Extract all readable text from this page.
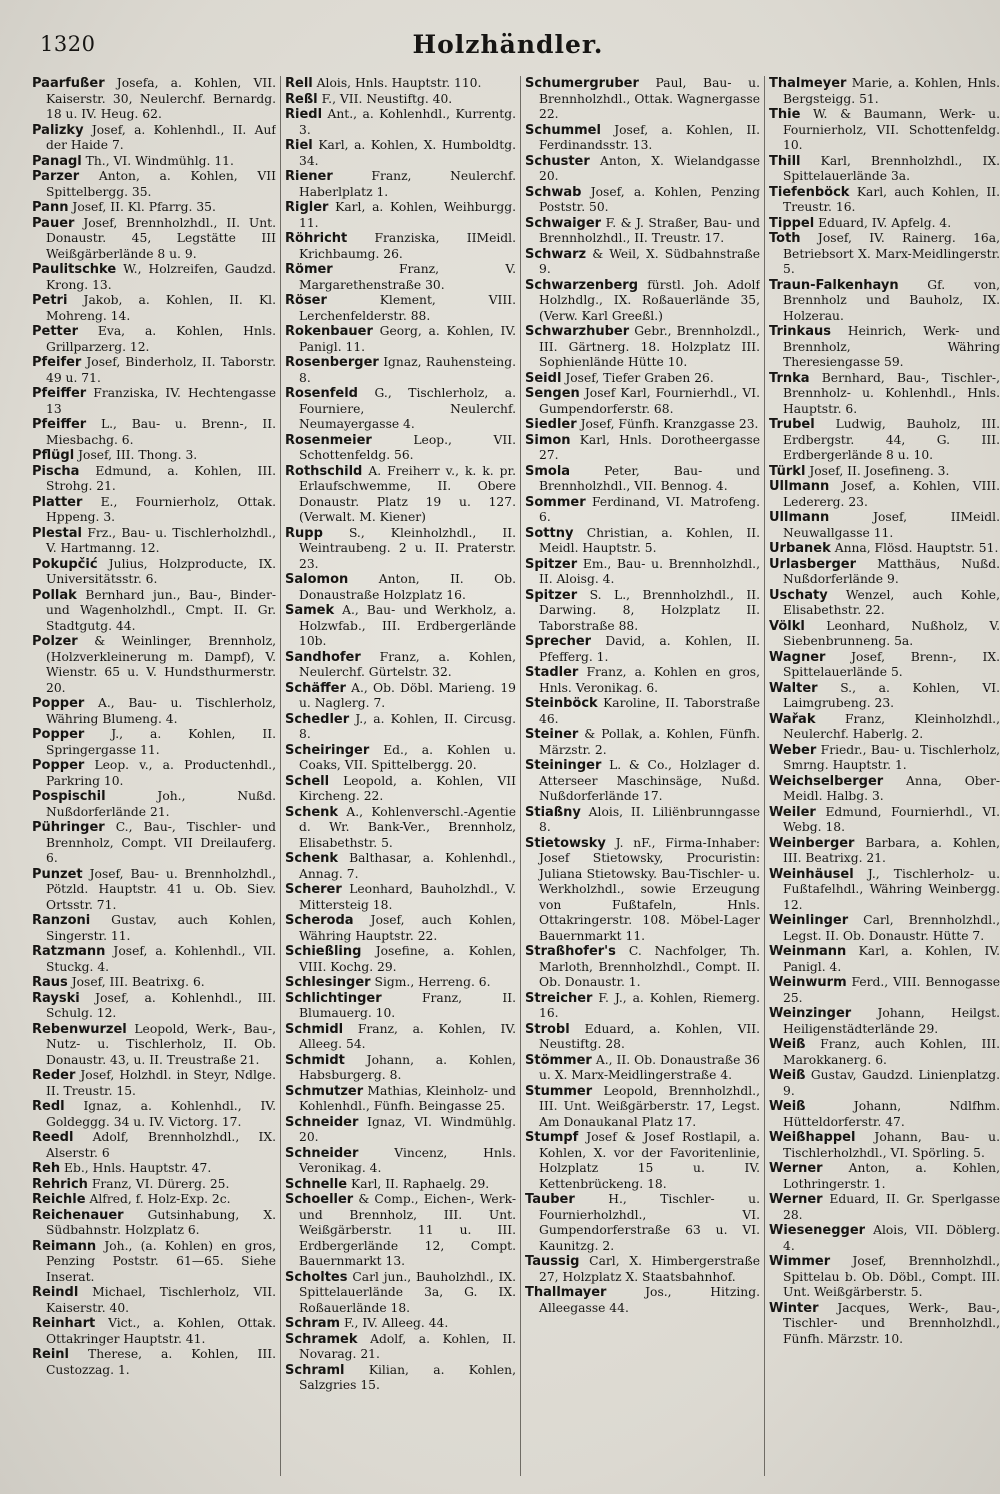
1320	Holzhändler.

Paarfußer Josefa, a. Kohlen, VII. Kaiserstr. 30, Neulerchf. Bernardg. 18 u. IV. Heug. 62.

Palizky Josef, a. Kohlenhdl., II. Auf der Haide 7.

Panagl Th., VI. Windmühlg. 11.

Parzer Anton, a. Kohlen, VII Spittelbergg. 35.

Pann Josef, II. Kl. Pfarrg. 35.

Pauer Josef, Brennholzhdl., II. Unt. Donaustr. 45, Legstätte III Weißgärberlände 8 u. 9.

Paulitschke W., Holzreifen, Gaudzd. Krong. 13.

Petri Jakob, a. Kohlen, II. Kl. Mohreng. 14.

Petter Eva, a. Kohlen, Hnls. Grillparzerg. 12.

Pfeifer Josef, Binderholz, II. Taborstr. 49 u. 71.

Pfeiffer Franziska, IV. Hechtengasse 13

Pfeiffer L., Bau- u. Brenn-, II. Miesbachg. 6.

Pflügl Josef, III. Thong. 3.

Pischa Edmund, a. Kohlen, III. Strohg. 21.

Platter E., Fournierholz, Ottak. Hppeng. 3.

Plestal Frz., Bau- u. Tischlerholzhdl., V. Hartmanng. 12.

Pokupčić Julius, Holzproducte, IX. Universitätsstr. 6.

Pollak Bernhard jun., Bau-, Binder- und Wagenholzhdl., Cmpt. II. Gr. Stadtgutg. 44.

Polzer & Weinlinger, Brennholz, (Holzverkleinerung m. Dampf), V. Wienstr. 65 u. V. Hundsthurmerstr. 20.

Popper A., Bau- u. Tischlerholz, Währing Blumeng. 4.

Popper J., a. Kohlen, II. Springergasse 11.

Popper Leop. v., a. Productenhdl., Parkring 10.

Pospischil	Joh., Nußd. Nußdorferlände 21.

Pühringer C., Bau-, Tischler- und Brennholz, Compt. VII Dreilauferg. 6.

Punzet Josef, Bau- u. Brennholzhdl., Pötzld. Hauptstr. 41 u. Ob. Siev. Ortsstr. 71.

Ranzoni Gustav, auch Kohlen, Singerstr. 11.

Ratzmann Josef, a. Kohlenhdl., VII. Stuckg. 4.

Raus Josef, III. Beatrixg. 6.

Rayski Josef, a. Kohlenhdl., III. Schulg. 12.

Rebenwurzel Leopold, Werk-, Bau-, Nutz- u. Tischlerholz, II. Ob. Donaustr. 43, u. II. Treustraße 21.

Reder Josef, Holzhdl. in Steyr, Ndlge. II. Treustr. 15.

Redl Ignaz, a. Kohlenhdl., IV. Goldeggg. 34 u. IV. Victorg. 17.

Reedl Adolf, Brennholzhdl., IX. Alserstr. 6

Reh Eb., Hnls. Hauptstr. 47.

Rehrich Franz, VI. Dürerg. 25.

Reichle Alfred, f. Holz-Exp. 2c.

Reichenauer Gutsinhabung, X. Südbahnstr. Holzplatz 6.

Reimann Joh., (a. Kohlen) en gros, Penzing Poststr. 61—65. Siehe Inserat.

Reindl Michael, Tischlerholz, VII. Kaiserstr. 40.

Reinhart Vict., a. Kohlen, Ottak. Ottakringer Hauptstr. 41.

Reinl Therese, a. Kohlen, III. Custozzag. 1.

Rell Alois, Hnls. Hauptstr. 110.

Reßl F., VII. Neustiftg. 40.

Riedl Ant., a. Kohlenhdl., Kurrentg. 3.

Riel Karl, a. Kohlen, X. Humboldtg. 34.

Riener	Franz, Neulerchf. Haberlplatz 1.

Rigler Karl, a. Kohlen, Weihburgg. 11.

Röhricht Franziska, IIMeidl. Krichbaumg. 26.

Römer	Franz, V. Margarethenstraße 30.

Röser	Klement, VIII. Lerchenfelderstr. 88.

Rokenbauer Georg, a. Kohlen, IV. Panigl. 11.

Rosenberger Ignaz, Rauhensteing. 8.

Rosenfeld G., Tischlerholz, a. Fourniere, Neulerchf. Neumayergasse 4.

Rosenmeier	Leop., VII. Schottenfeldg. 56.

Rothschild A. Freiherr v., k. k. pr. Erlaufschwemme, II. Obere Donaustr. Platz 19 u. 127. (Verwalt. M. Kiener)

Rupp S., Kleinholzhdl., II. Weintraubeng. 2 u. II. Praterstr. 23.

Salomon Anton, II. Ob. Donaustraße Holzplatz 16.

Samek A., Bau- und Werkholz, a. Holzwfab., III. Erdbergerlände 10b.

Sandhofer Franz, a. Kohlen, Neulerchf. Gürtelstr. 32.

Schäffer A., Ob. Döbl. Marieng. 19 u. Naglerg. 7.

Schedler J., a. Kohlen, II. Circusg. 8.

Scheiringer Ed., a. Kohlen u. Coaks, VII. Spittelbergg. 20.

Schell Leopold, a. Kohlen, VII Kircheng. 22.

Schenk A., Kohlenverschl.-Agentie d. Wr. Bank-Ver., Brennholz, Elisabethstr. 5.

Schenk Balthasar, a. Kohlenhdl., Annag. 7.

Scherer Leonhard, Bauholzhdl., V. Mittersteig 18.

Scheroda Josef, auch Kohlen, Währing Hauptstr. 22.

Schießling Josefine, a. Kohlen, VIII. Kochg. 29.

Schlesinger Sigm., Herreng. 6.

Schlichtinger	Franz, II. Blumauerg. 10.

Schmidl Franz, a. Kohlen, IV. Alleeg. 54.

Schmidt Johann, a. Kohlen, Habsburgerg. 8.

Schmutzer Mathias, Kleinholz- und Kohlenhdl., Fünfh. Beingasse 25.

Schneider Ignaz, VI. Windmühlg. 20.

Schneider	Vincenz, Hnls. Veronikag. 4.

Schnelle Karl, II. Raphaelg. 29.

Schoeller & Comp., Eichen-, Werk- und Brennholz, III. Unt. Weißgärberstr. 11 u. III. Erdbergerlände 12, Compt. Bauernmarkt 13.

Scholtes Carl jun., Bauholzhdl., IX. Spittelauerlände 3a, G. IX. Roßauerlände 18.

Schram F., IV. Alleeg. 44.

Schramek Adolf, a. Kohlen, II. Novarag. 21.

Schraml Kilian, a. Kohlen, Salzgries 15.

Schumergruber Paul, Bau- u. Brennholzhdl., Ottak. Wagnergasse 22.

Schummel Josef, a. Kohlen, II. Ferdinandsstr. 13.

Schuster Anton, X. Wielandgasse 20.

Schwab Josef, a. Kohlen, Penzing Poststr. 50.

Schwaiger F. & J. Straßer, Bau- und Brennholzhdl., II. Treustr. 17.

Schwarz & Weil, X. Südbahnstraße 9.

Schwarzenberg fürstl. Joh. Adolf Holzhdlg., IX. Roßauerlände 35, (Verw. Karl Greeßl.)

Schwarzhuber Gebr., Brennholzdl., III. Gärtnerg. 18. Holzplatz III. Sophienlände Hütte 10.

Seidl Josef, Tiefer Graben 26.

Sengen Josef Karl, Fournierhdl., VI. Gumpendorferstr. 68.

Siedler Josef, Fünfh. Kranzgasse 23.

Simon Karl, Hnls. Dorotheergasse 27.

Smola	Peter, Bau- und Brennholzhdl., VII. Bennog. 4.

Sommer Ferdinand, VI. Matrofeng. 6.

Sottny Christian, a. Kohlen, II. Meidl. Hauptstr. 5.

Spitzer Em., Bau- u. Brennholzhdl., II. Aloisg. 4.

Spitzer S. L., Brennholzhdl., II. Darwing. 8, Holzplatz II. Taborstraße 88.

Sprecher David, a. Kohlen, II. Pfefferg. 1.

Stadler Franz, a. Kohlen en gros, Hnls. Veronikag. 6.

Steinböck Karoline, II. Taborstraße 46.

Steiner & Pollak, a. Kohlen, Fünfh. Märzstr. 2.

Steininger L. & Co., Holzlager d. Atterseer Maschinsäge, Nußd. Nußdorferlände 17.

Stiaßny Alois, II. Liliënbrunngasse 8.

Stietowsky J. nF., Firma-Inhaber: Josef Stietowsky, Procuristin: Juliana Stietowsky. Bau-Tischler- u. Werkholzhdl., sowie Erzeugung von Fußtafeln, Hnls. Ottakringerstr. 108. Möbel-Lager Bauernmarkt 11.

Straßhofer's C. Nachfolger, Th. Marloth, Brennholzhdl., Compt. II. Ob. Donaustr. 1.

Streicher F. J., a. Kohlen, Riemerg. 16.

Strobl Eduard, a. Kohlen, VII. Neustiftg. 28.

Stömmer A., II. Ob. Donaustraße 36 u. X. Marx-Meidlingerstraße 4.

Stummer Leopold, Brennholzhdl., III. Unt. Weißgärberstr. 17, Legst. Am Donaukanal Platz 17.

Stumpf Josef & Josef Rostlapil, a. Kohlen, X. vor der Favoritenlinie, Holzplatz 15 u. IV. Kettenbrückeng. 18.

Tauber	H., Tischler- u. Fournierholzhdl., VI. Gumpendorferstraße 63 u. VI. Kaunitzg. 2.

Taussig Carl, X. Himbergerstraße 27, Holzplatz X. Staatsbahnhof.

Thallmayer	Jos., Hitzing. Alleegasse 44.

Thalmeyer Marie, a. Kohlen, Hnls. Bergsteigg. 51.

Thie W. & Baumann, Werk- u. Fournierholz, VII. Schottenfeldg. 10.

Thill Karl, Brennholzhdl., IX. Spittelauerlände 3a.

Tiefenböck Karl, auch Kohlen, II. Treustr. 16.

Tippel Eduard, IV. Apfelg. 4.

Toth Josef, IV. Rainerg. 16a, Betriebsort X. Marx-Meidlingerstr. 5.

Traun-Falkenhayn Gf. von, Brennholz und Bauholz, IX. Holzerau.

Trinkaus Heinrich, Werk- und Brennholz, Währing Theresiengasse 59.

Trnka Bernhard, Bau-, Tischler-, Brennholz- u. Kohlenhdl., Hnls. Hauptstr. 6.

Trubel Ludwig, Bauholz, III. Erdbergstr. 44, G. III. Erdbergerlände 8 u. 10.

Türkl Josef, II. Josefineng. 3.

Ullmann Josef, a. Kohlen, VIII. Ledererg. 23.

Ullmann	Josef, IIMeidl. Neuwallgasse 11.

Urbanek Anna, Flösd. Hauptstr. 51.

Urlasberger Matthäus, Nußd. Nußdorferlände 9.

Uschaty Wenzel, auch Kohle, Elisabethstr. 22.

Völkl Leonhard, Nußholz, V. Siebenbrunneng. 5a.

Wagner Josef, Brenn-, IX. Spittelauerlände 5.

Walter S., a. Kohlen, VI. Laimgrubeng. 23.

Wařak Franz, Kleinholzhdl., Neulerchf. Haberlg. 2.

Weber Friedr., Bau- u. Tischlerholz, Smrng. Hauptstr. 1.

Weichselberger Anna, Ober-Meidl. Halbg. 3.

Weiler Edmund, Fournierhdl., VI. Webg. 18.

Weinberger Barbara, a. Kohlen, III. Beatrixg. 21.

Weinhäusel J., Tischlerholz- u. Fußtafelhdl., Währing Weinbergg. 12.

Weinlinger Carl, Brennholzhdl., Legst. II. Ob. Donaustr. Hütte 7.

Weinmann Karl, a. Kohlen, IV. Panigl. 4.

Weinwurm Ferd., VIII. Bennogasse 25.

Weinzinger Johann, Heilgst. Heiligenstädterlände 29.

Weiß Franz, auch Kohlen, III. Marokkanerg. 6.

Weiß Gustav, Gaudzd. Linienplatzg. 9.

Weiß	Johann, Ndlfhm. Hütteldorferstr. 47.

Weißhappel Johann, Bau- u. Tischlerholzhdl., VI. Spörling. 5.

Werner Anton, a. Kohlen, Lothringerstr. 1.

Werner Eduard, II. Gr. Sperlgasse 28.

Wiesenegger Alois, VII. Döblerg. 4.

Wimmer Josef, Brennholzhdl., Spittelau b. Ob. Döbl., Compt. III. Unt. Weißgärberstr. 5.

Winter Jacques, Werk-, Bau-, Tischler- und Brennholzhdl., Fünfh. Märzstr. 10.
